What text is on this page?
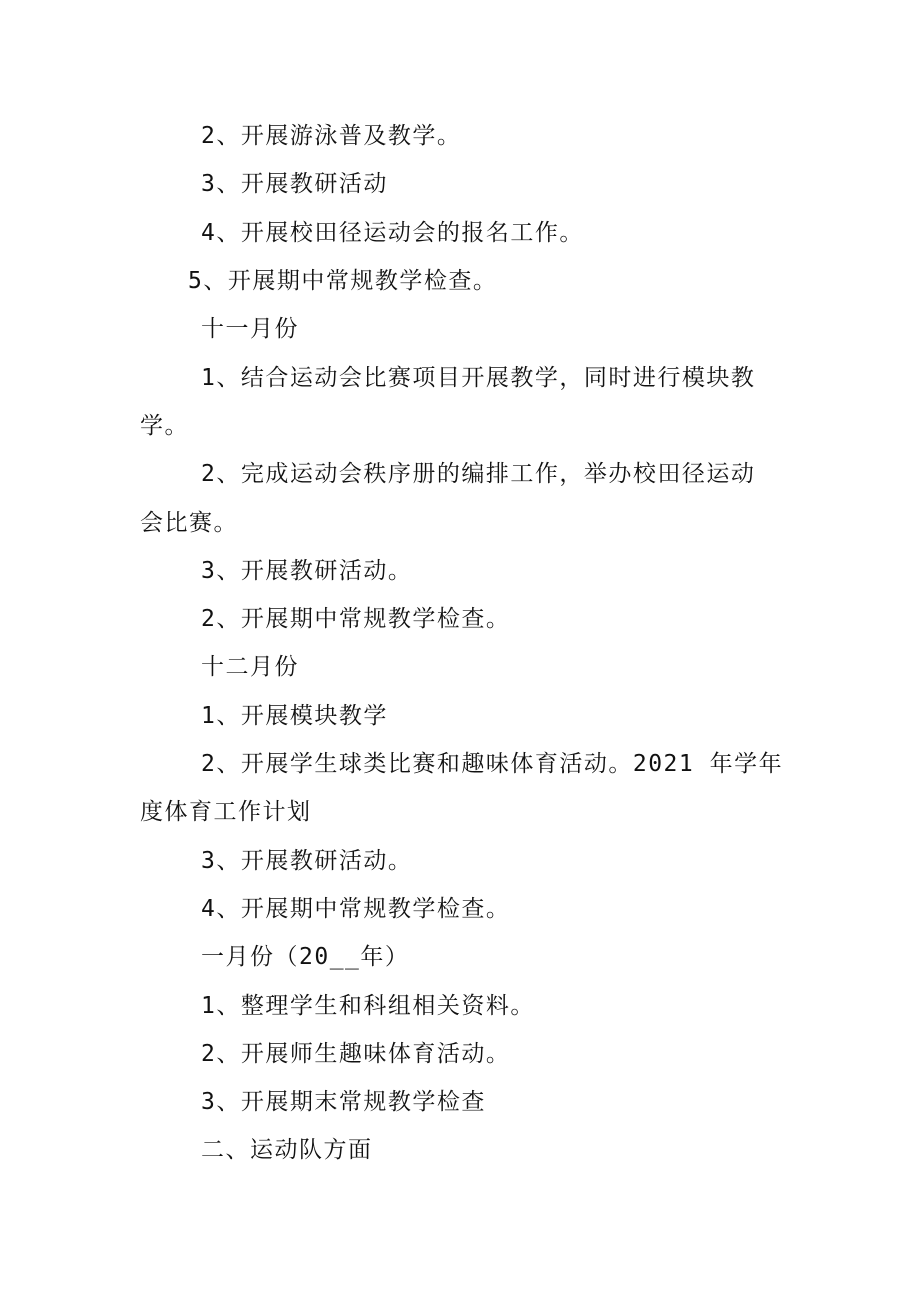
2、开展游泳普及教学。
3、开展教研活动
4、开展校田径运动会的报名工作。
5、开展期中常规教学检查。
十一月份
1、结合运动会比赛项目开展教学，同时进行模块教
学。
2、完成运动会秩序册的编排工作，举办校田径运动
会比赛。
3、开展教研活动。
2、开展期中常规教学检查。
十二月份
1、开展模块教学
2、开展学生球类比赛和趣味体育活动。2021 年学年
度体育工作计划
3、开展教研活动。
4、开展期中常规教学检查。
一月份（20__年）
1、整理学生和科组相关资料。
2、开展师生趣味体育活动。
3、开展期末常规教学检查
二、运动队方面
